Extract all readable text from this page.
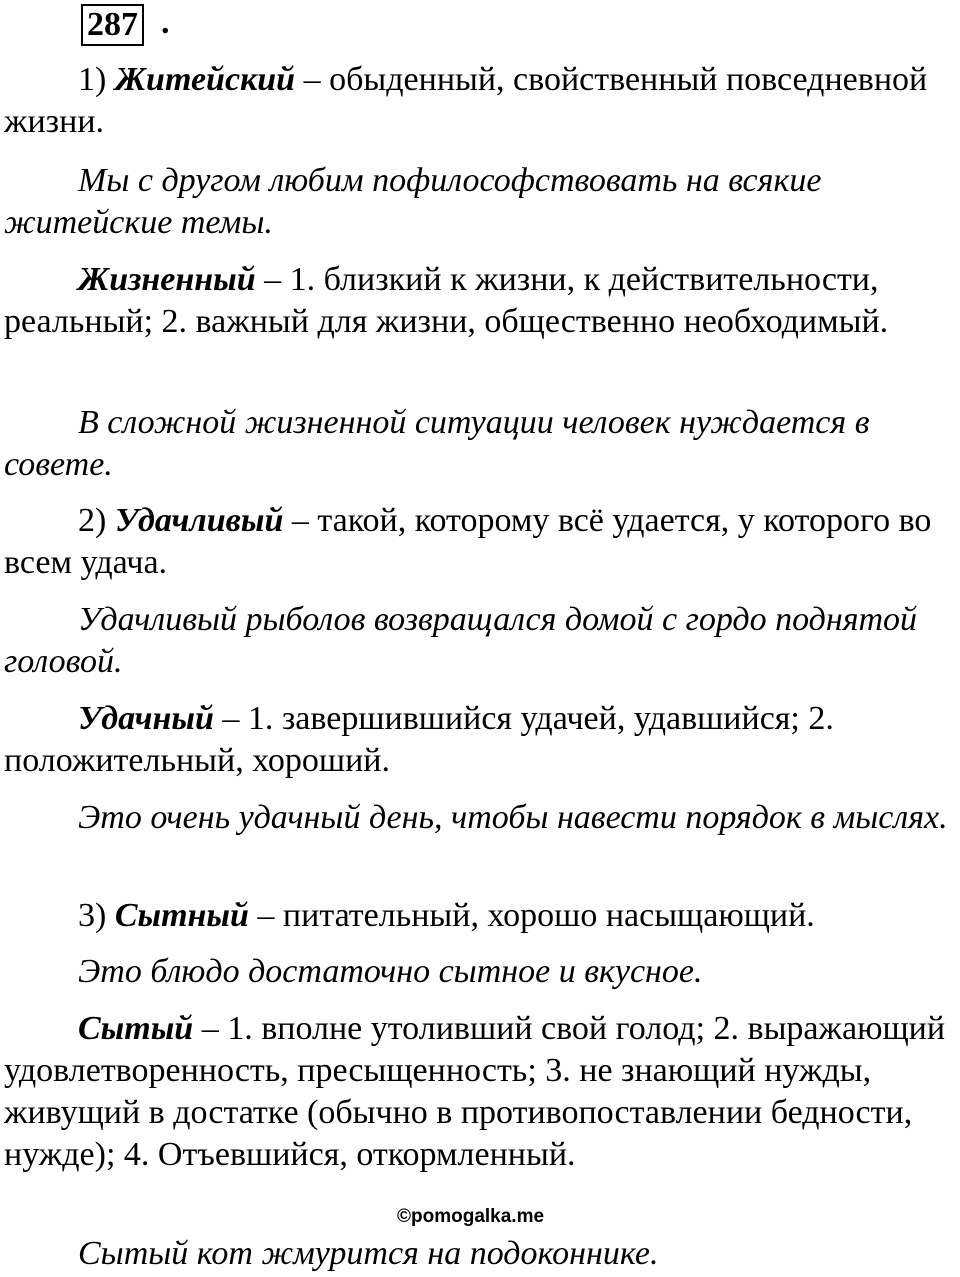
287 .

1) Житейский – обыденный, свойственный повседневной жизни.

Мы с другом любим пофилософствовать на всякие житейские темы.

Жизненный – 1. близкий к жизни, к действительности, реальный; 2. важный для жизни, общественно необходимый.

В сложной жизненной ситуации человек нуждается в совете.

2) Удачливый – такой, которому всё удается, у которого во всем удача.

Удачливый рыболов возвращался домой с гордо поднятой головой.

Удачный – 1. завершившийся удачей, удавшийся; 2. положительный, хороший.

Это очень удачный день, чтобы навести порядок в мыслях.

3) Сытный – питательный, хорошо насыщающий.

Это блюдо достаточно сытное и вкусное.

Сытый – 1. вполне утоливший свой голод; 2. выражающий удовлетворенность, пресыщенность; 3. не знающий нужды, живущий в достатке (обычно в противопоставлении бедности, нужде); 4. Отъевшийся, откормленный.

Сытый кот жмурится на подоконнике.

©pomogalka.me
